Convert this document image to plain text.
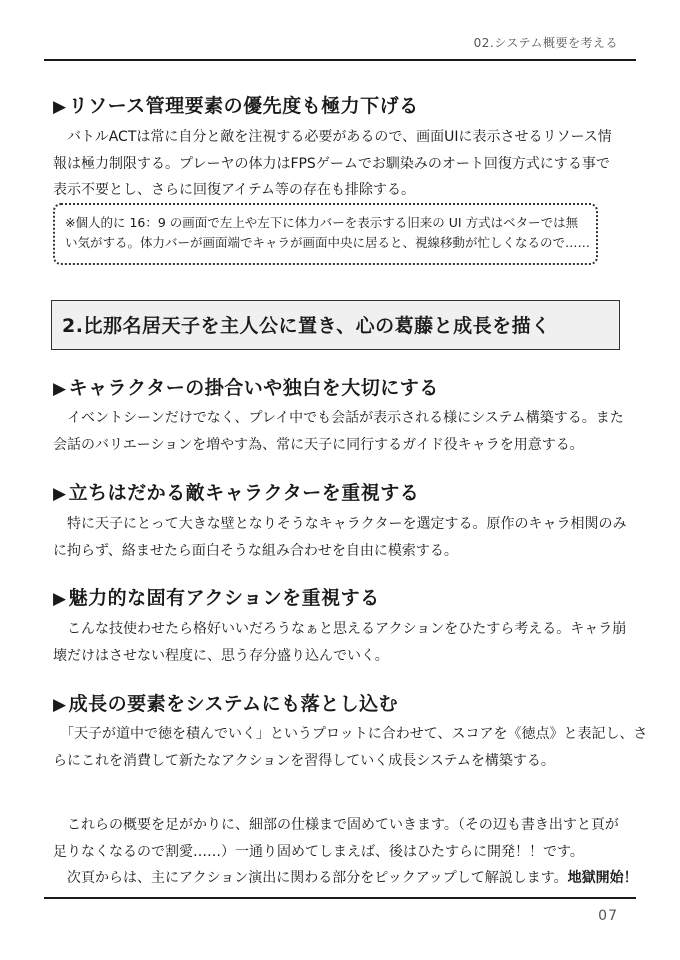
02.システム概要を考える
▶ リソース管理要素の優先度も極力下げる
　バトルACTは常に自分と敵を注視する必要があるので、画面UIに表示させるリソース情
報は極力制限する。プレーヤの体力はFPSゲームでお馴染みのオート回復方式にする事で
表示不要とし、さらに回復アイテム等の存在も排除する。
※個人的に 16：9 の画面で左上や左下に体力バーを表示する旧来の UI 方式はベターでは無
い気がする。体力バーが画面端でキャラが画面中央に居ると、視線移動が忙しくなるので……
2.比那名居天子を主人公に置き、心の葛藤と成長を描く
▶ キャラクターの掛合いや独白を大切にする
　イベントシーンだけでなく、プレイ中でも会話が表示される様にシステム構築する。また
会話のバリエーションを増やす為、常に天子に同行するガイド役キャラを用意する。
▶ 立ちはだかる敵キャラクターを重視する
　特に天子にとって大きな壁となりそうなキャラクターを選定する。原作のキャラ相関のみ
に拘らず、絡ませたら面白そうな組み合わせを自由に模索する。
▶ 魅力的な固有アクションを重視する
　こんな技使わせたら格好いいだろうなぁと思えるアクションをひたすら考える。キャラ崩
壊だけはさせない程度に、思う存分盛り込んでいく。
▶ 成長の要素をシステムにも落とし込む
　「天子が道中で徳を積んでいく」というプロットに合わせて、スコアを《徳点》と表記し、さ
らにこれを消費して新たなアクションを習得していく成長システムを構築する。
　これらの概要を足がかりに、細部の仕様まで固めていきます。（その辺も書き出すと頁が
足りなくなるので割愛……）一通り固めてしまえば、後はひたすらに開発！！です。
　次頁からは、主にアクション演出に関わる部分をピックアップして解説します。地獄開始！
07
